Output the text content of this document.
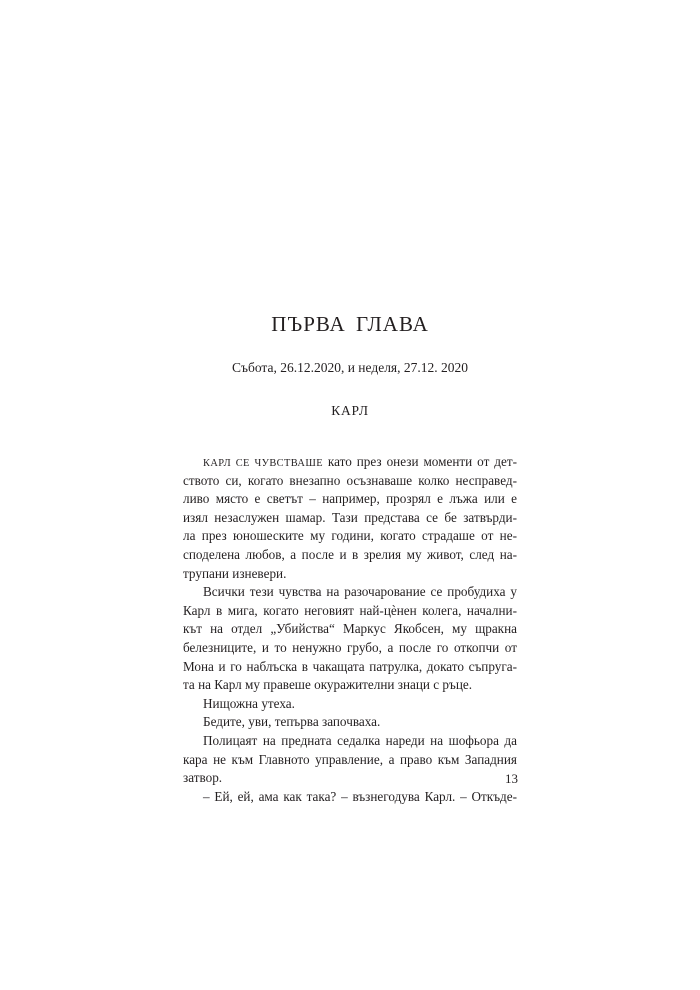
ПЪРВА ГЛАВА
Събота, 26.12.2020, и неделя, 27.12. 2020
КАРЛ
КАРЛ СЕ ЧУВСТВАШЕ като през онези моменти от дет-
ството си, когато внезапно осъзнаваше колко несправед-
ливо място е светът – например, прозрял е лъжа или е
изял незаслужен шамар. Тази представа се бе затвърди-
ла през юношеските му години, когато страдаше от не-
споделена любов, а после и в зрелия му живот, след на-
трупани изневери.
Всички тези чувства на разочарование се пробудиха у
Карл в мига, когато неговият най-цѐнен колега, начални-
кът на отдел „Убийства“ Маркус Якобсен, му щракна
белезниците, и то ненужно грубо, а после го откопчи от
Мона и го наблъска в чакащата патрулка, докато съпруга-
та на Карл му правеше окуражителни знаци с ръце.
Нищожна утеха.
Бедите, уви, тепърва започваха.
Полицаят на предната седалка нареди на шофьора да
кара не към Главното управление, а право към Западния
затвор.
– Ей, ей, ама как така? – възнегодува Карл. – Откъде-
13
